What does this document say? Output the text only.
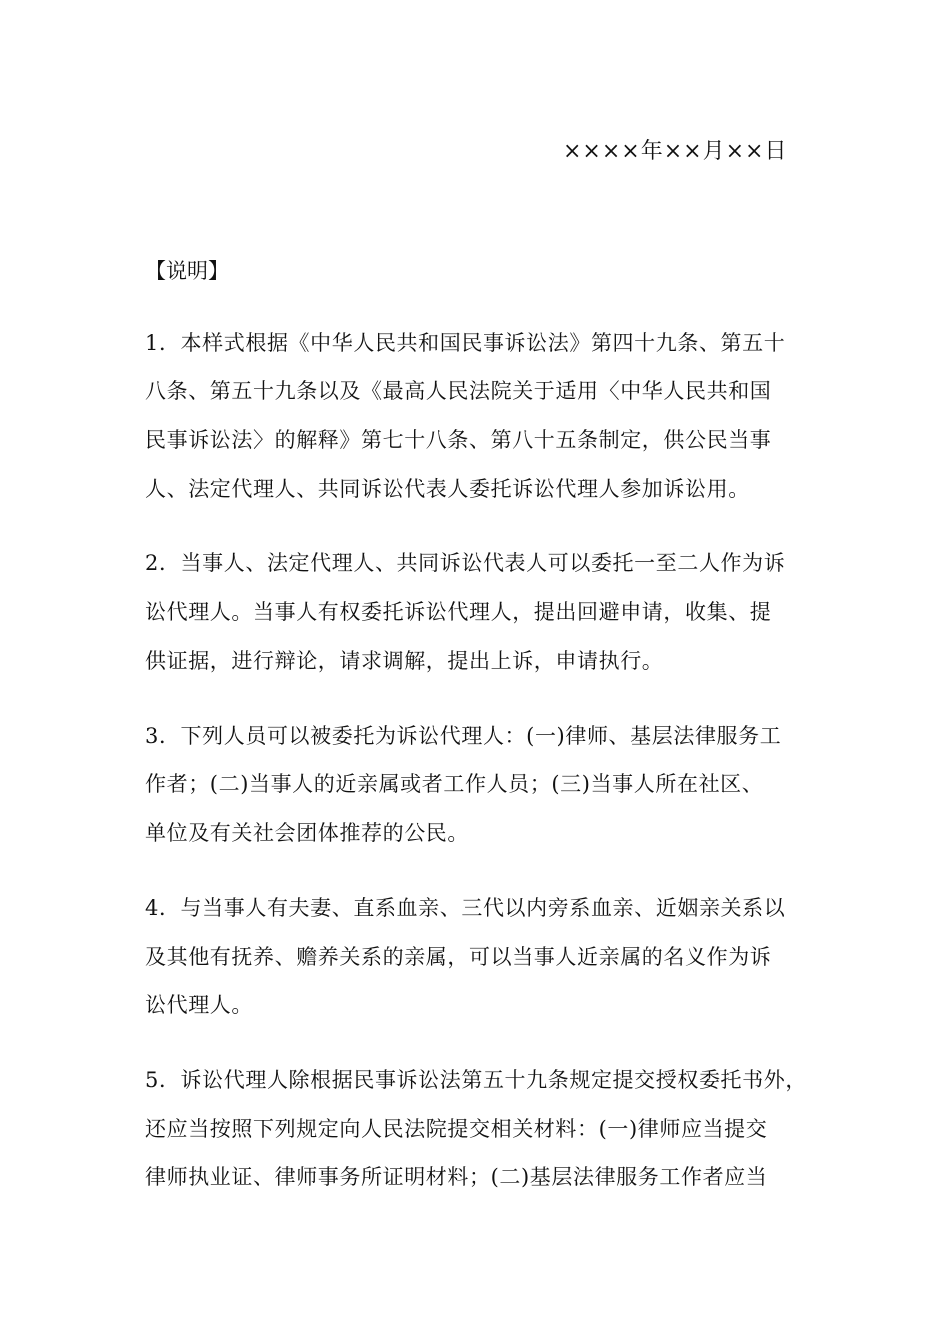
××××年××月××日
【说明】
1．本样式根据《中华人民共和国民事诉讼法》第四十九条、第五十
八条、第五十九条以及《最高人民法院关于适用〈中华人民共和国
民事诉讼法〉的解释》第七十八条、第八十五条制定，供公民当事
人、法定代理人、共同诉讼代表人委托诉讼代理人参加诉讼用。
2．当事人、法定代理人、共同诉讼代表人可以委托一至二人作为诉
讼代理人。当事人有权委托诉讼代理人，提出回避申请，收集、提
供证据，进行辩论，请求调解，提出上诉，申请执行。
3．下列人员可以被委托为诉讼代理人：(一)律师、基层法律服务工
作者；(二)当事人的近亲属或者工作人员；(三)当事人所在社区、
单位及有关社会团体推荐的公民。
4．与当事人有夫妻、直系血亲、三代以内旁系血亲、近姻亲关系以
及其他有抚养、赡养关系的亲属，可以当事人近亲属的名义作为诉
讼代理人。
5．诉讼代理人除根据民事诉讼法第五十九条规定提交授权委托书外，
还应当按照下列规定向人民法院提交相关材料：(一)律师应当提交
律师执业证、律师事务所证明材料；(二)基层法律服务工作者应当
